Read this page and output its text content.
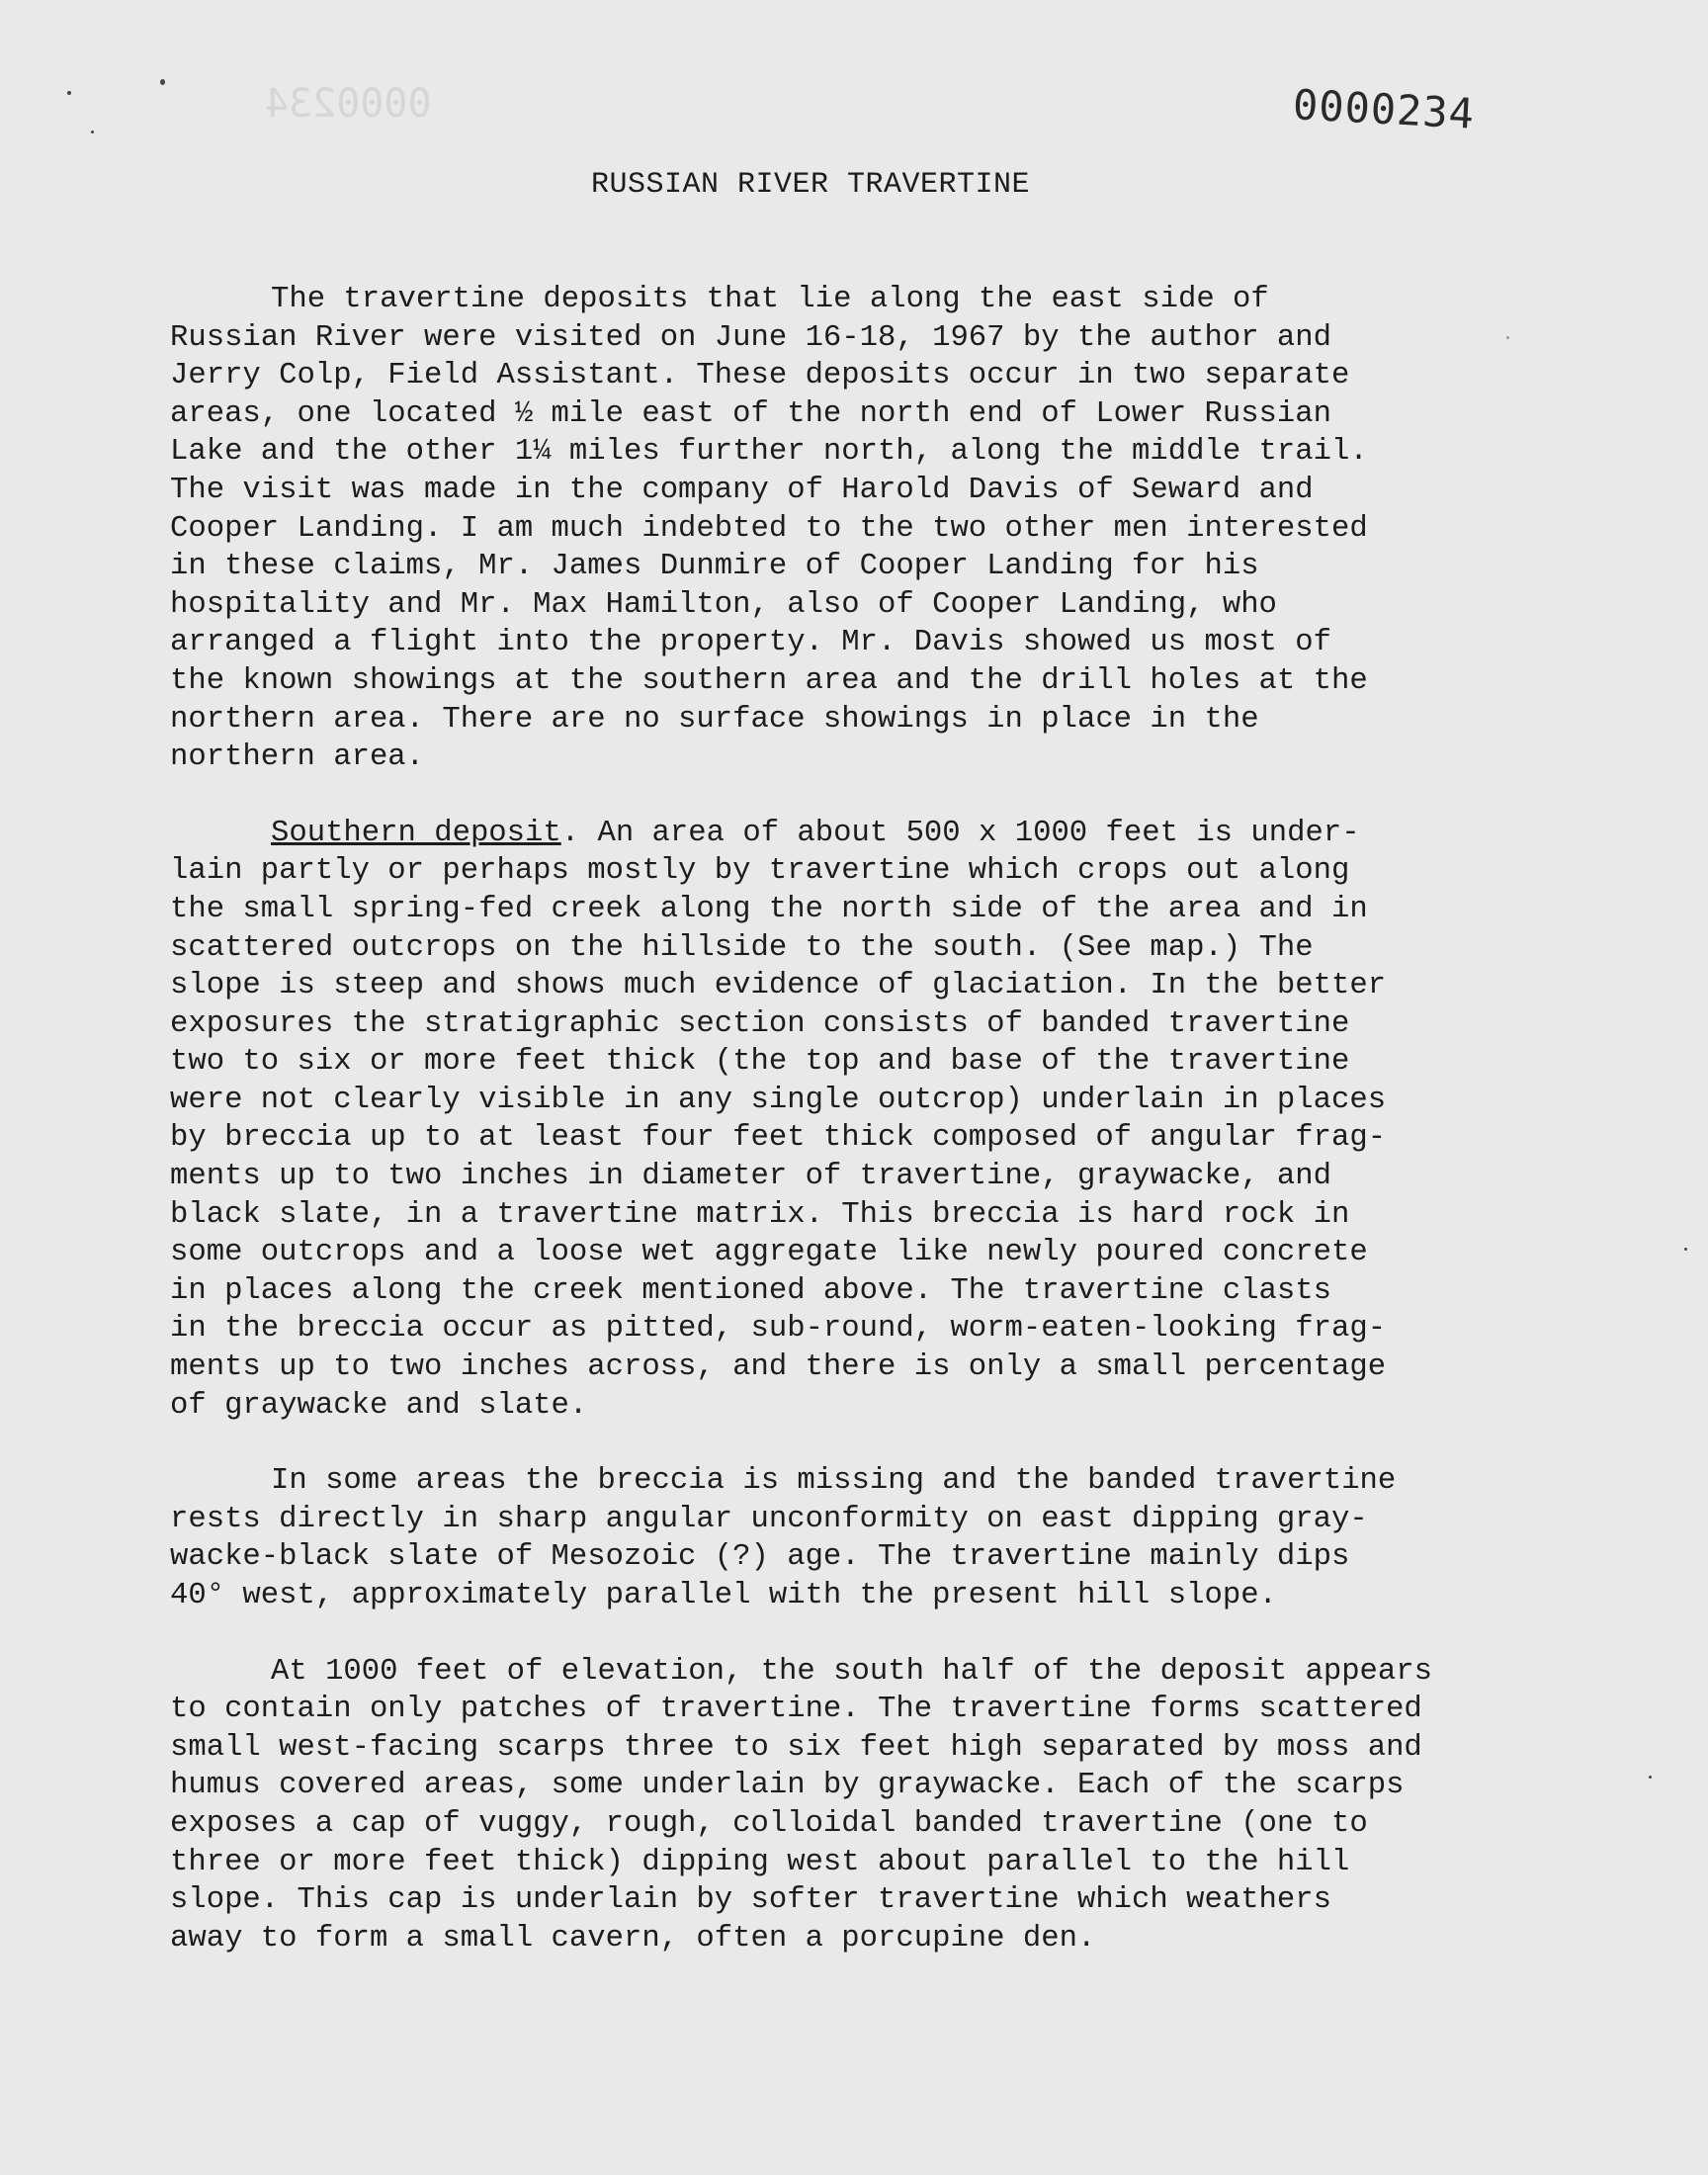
0000234	0000234
RUSSIAN RIVER TRAVERTINE

The travertine deposits that lie along the east side of
Russian River were visited on June 16-18, 1967 by the author and
Jerry Colp, Field Assistant. These deposits occur in two separate
areas, one located ½ mile east of the north end of Lower Russian
Lake and the other 1¼ miles further north, along the middle trail.
The visit was made in the company of Harold Davis of Seward and
Cooper Landing. I am much indebted to the two other men interested
in these claims, Mr. James Dunmire of Cooper Landing for his
hospitality and Mr. Max Hamilton, also of Cooper Landing, who
arranged a flight into the property. Mr. Davis showed us most of
the known showings at the southern area and the drill holes at the
northern area. There are no surface showings in place in the
northern area.

Southern deposit. An area of about 500 x 1000 feet is under-
lain partly or perhaps mostly by travertine which crops out along
the small spring-fed creek along the north side of the area and in
scattered outcrops on the hillside to the south. (See map.) The
slope is steep and shows much evidence of glaciation. In the better
exposures the stratigraphic section consists of banded travertine
two to six or more feet thick (the top and base of the travertine
were not clearly visible in any single outcrop) underlain in places
by breccia up to at least four feet thick composed of angular frag-
ments up to two inches in diameter of travertine, graywacke, and
black slate, in a travertine matrix. This breccia is hard rock in
some outcrops and a loose wet aggregate like newly poured concrete
in places along the creek mentioned above. The travertine clasts
in the breccia occur as pitted, sub-round, worm-eaten-looking frag-
ments up to two inches across, and there is only a small percentage
of graywacke and slate.

In some areas the breccia is missing and the banded travertine
rests directly in sharp angular unconformity on east dipping gray-
wacke-black slate of Mesozoic (?) age. The travertine mainly dips
40° west, approximately parallel with the present hill slope.

At 1000 feet of elevation, the south half of the deposit appears
to contain only patches of travertine. The travertine forms scattered
small west-facing scarps three to six feet high separated by moss and
humus covered areas, some underlain by graywacke. Each of the scarps
exposes a cap of vuggy, rough, colloidal banded travertine (one to
three or more feet thick) dipping west about parallel to the hill
slope. This cap is underlain by softer travertine which weathers
away to form a small cavern, often a porcupine den.
